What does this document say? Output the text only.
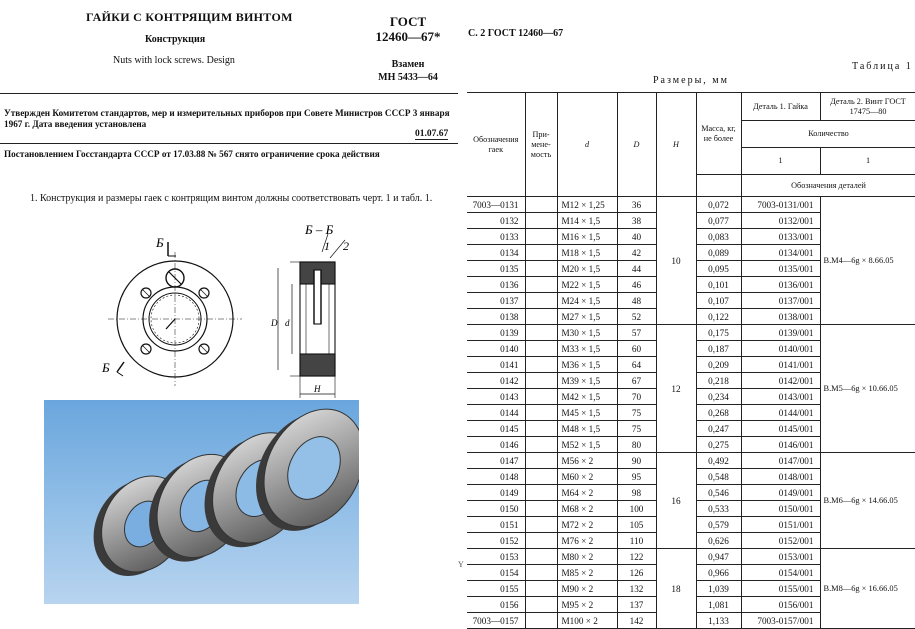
ГАЙКИ С КОНТРЯЩИМ ВИНТОМ
Конструкция
Nuts with lock screws. Design
ГОСТ
12460—67*
Взамен
МН 5433—64
Утвержден Комитетом стандартов, мер и измерительных приборов при Совете Министров СССР 3 января 1967 г. Дата введения установлена
01.07.67
Постановлением Госстандарта СССР от 17.03.88 № 567 снято ограничение срока действия
1. Конструкция и размеры гаек с контрящим винтом должны соответствовать черт. 1 и табл. 1.
Б
Б
Б – Б
1 2
D d
H
С. 2 ГОСТ 12460—67
Таблица 1
Размеры, мм
Y
Обозначения гаек	При-мене-мость	d	D	H	Масса, кг, не более	Деталь 1. Гайка	Деталь 2. Винт ГОСТ 17475—80
						Количество	
						1	1
						Обозначения деталей	
7003—0131		М12 × 1,25	36	10	0,072	7003-0131/001	В.М4—6g × 8.66.05
0132		М14 × 1,5	38		0,077	0132/001	
0133		М16 × 1,5	40		0,083	0133/001	
0134		М18 × 1,5	42		0,089	0134/001	
0135		М20 × 1,5	44		0,095	0135/001	
0136		М22 × 1,5	46		0,101	0136/001	
0137		М24 × 1,5	48		0,107	0137/001	
0138		М27 × 1,5	52		0,122	0138/001	
0139		М30 × 1,5	57	12	0,175	0139/001	В.М5—6g × 10.66.05
0140		М33 × 1,5	60		0,187	0140/001	
0141		М36 × 1,5	64		0,209	0141/001	
0142		М39 × 1,5	67		0,218	0142/001	
0143		М42 × 1,5	70		0,234	0143/001	
0144		М45 × 1,5	75		0,268	0144/001	
0145		М48 × 1,5	75		0,247	0145/001	
0146		М52 × 1,5	80		0,275	0146/001	
0147		М56 × 2	90	16	0,492	0147/001	В.М6—6g × 14.66.05
0148		М60 × 2	95		0,548	0148/001	
0149		М64 × 2	98		0,546	0149/001	
0150		М68 × 2	100		0,533	0150/001	
0151		М72 × 2	105		0,579	0151/001	
0152		М76 × 2	110		0,626	0152/001	
0153		М80 × 2	122	18	0,947	0153/001	В.М8—6g × 16.66.05
0154		М85 × 2	126		0,966	0154/001	
0155		М90 × 2	132		1,039	0155/001	
0156		М95 × 2	137		1,081	0156/001	
7003—0157		М100 × 2	142		1,133	7003-0157/001	
